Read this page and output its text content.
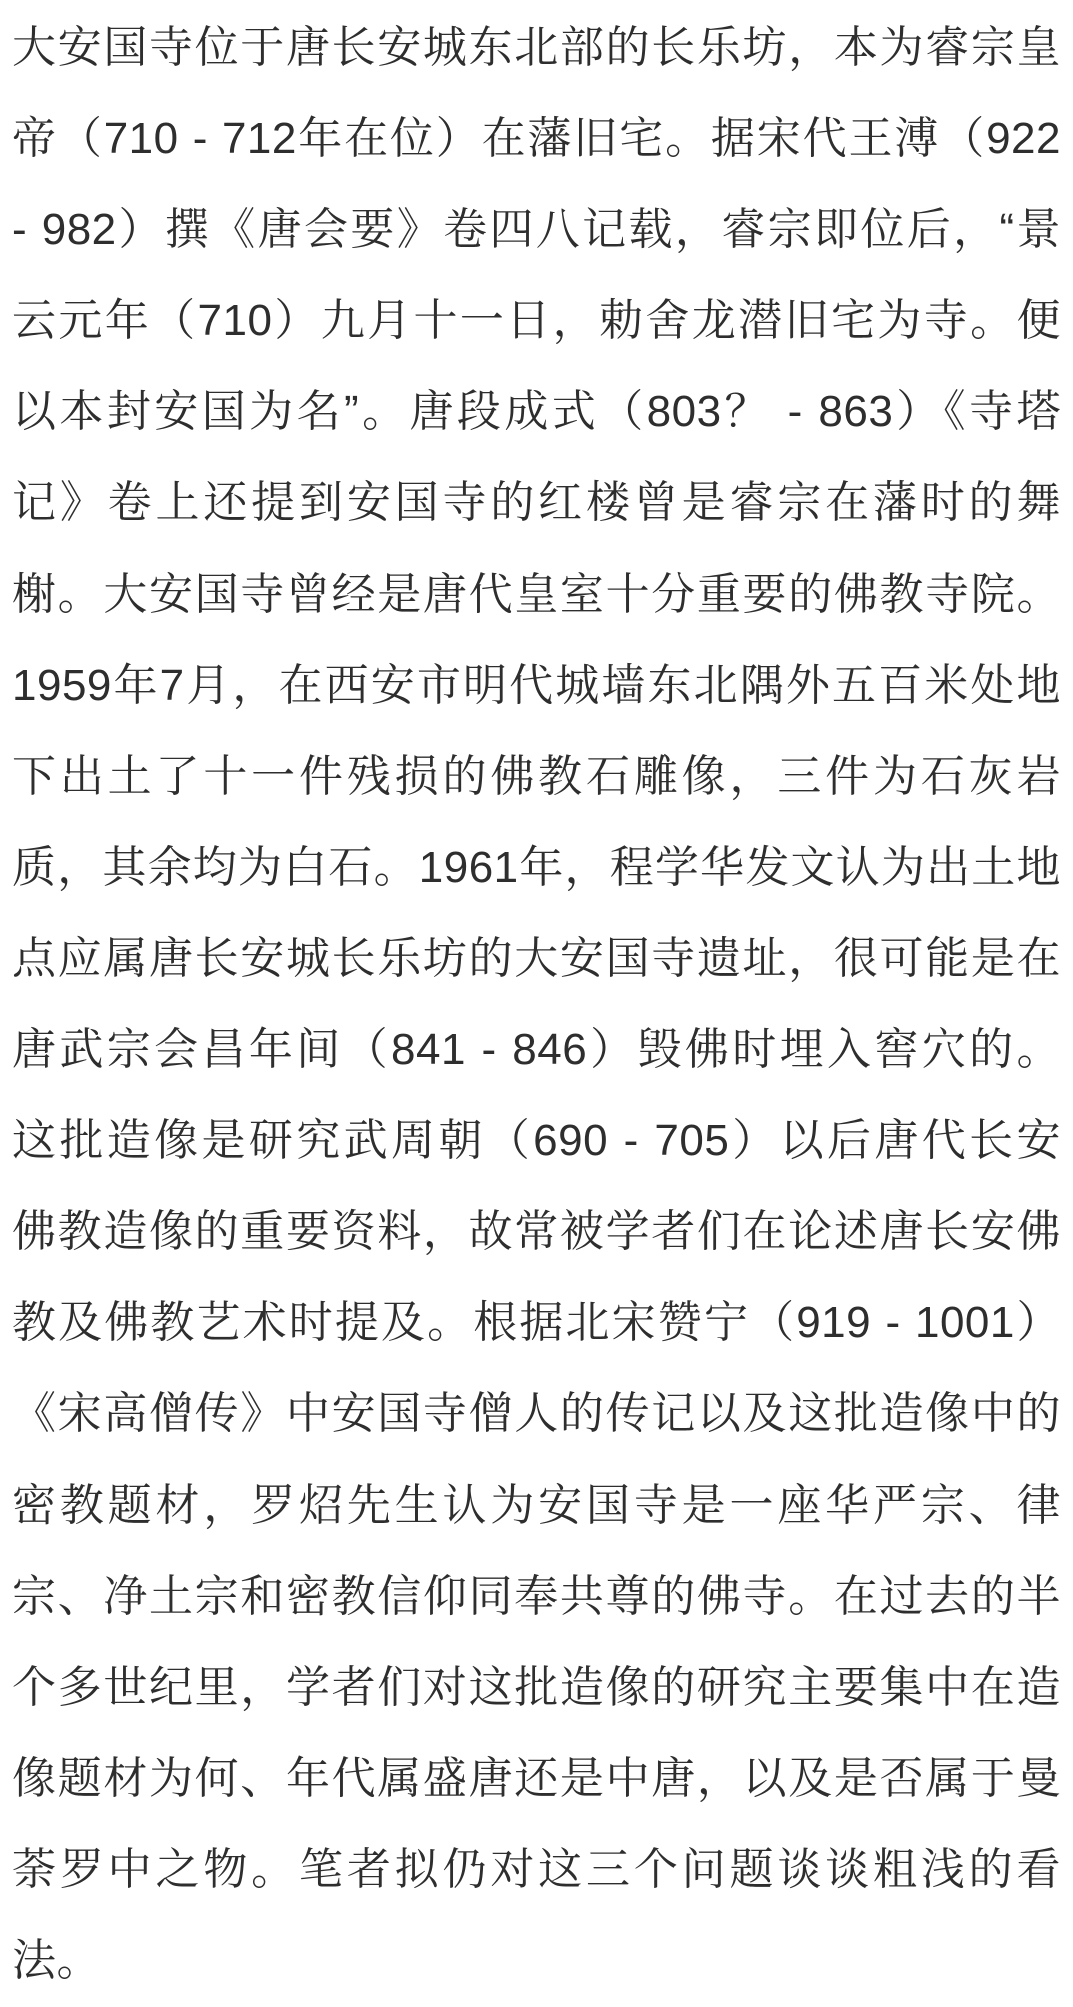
大安国寺位于唐长安城东北部的长乐坊，本为睿宗皇
帝（710 - 712年在位）在藩旧宅。据宋代王溥（922
- 982）撰《唐会要》卷四八记载，睿宗即位后，“景
云元年（710）九月十一日，勅舍龙潜旧宅为寺。便
以本封安国为名”。唐段成式（803？ - 863）《寺塔
记》卷上还提到安国寺的红楼曾是睿宗在藩时的舞
榭。大安国寺曾经是唐代皇室十分重要的佛教寺院。
1959年7月，在西安市明代城墙东北隅外五百米处地
下出土了十一件残损的佛教石雕像，三件为石灰岩
质，其余均为白石。1961年，程学华发文认为出土地
点应属唐长安城长乐坊的大安国寺遗址，很可能是在
唐武宗会昌年间（841 - 846）毁佛时埋入窖穴的。
这批造像是研究武周朝（690 - 705）以后唐代长安
佛教造像的重要资料，故常被学者们在论述唐长安佛
教及佛教艺术时提及。根据北宋赞宁（919 - 1001）
《宋高僧传》中安国寺僧人的传记以及这批造像中的
密教题材，罗炤先生认为安国寺是一座华严宗、律
宗、净土宗和密教信仰同奉共尊的佛寺。在过去的半
个多世纪里，学者们对这批造像的研究主要集中在造
像题材为何、年代属盛唐还是中唐，以及是否属于曼
荼罗中之物。笔者拟仍对这三个问题谈谈粗浅的看
法。
